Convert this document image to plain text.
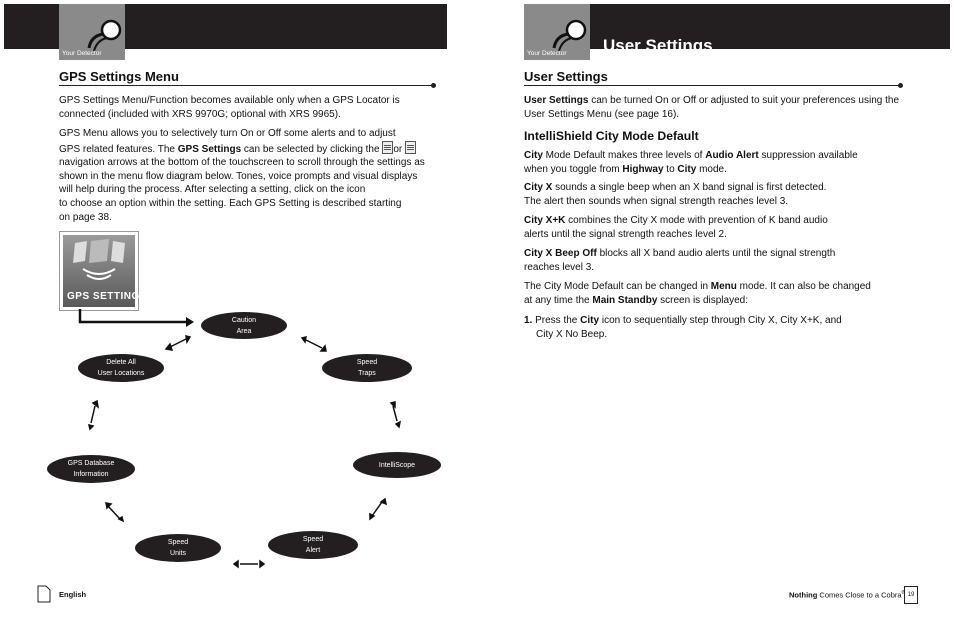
Your Detector
GPS Settings Menu

GPS Settings Menu/Function becomes available only when a GPS Locator is connected (included with XRS 9970G; optional with XRS 9965).

GPS Menu allows you to selectively turn On or Off some alerts and to adjust
GPS related features. The GPS Settings can be selected by clicking the or
navigation arrows at the bottom of the touchscreen to scroll through the settings as
shown in the menu flow diagram below. Tones, voice prompts and visual displays
will help during the process. After selecting a setting, click on the icon
to choose an option within the setting. Each GPS Setting is described starting
on page 38.

GPS SETTINGS
Caution
Area
Speed
Traps
IntelliScope
Speed
Alert
Speed
Units
GPS Database
Information
Delete All
User Locations
English
Your Detector User Settings
User Settings

User Settings can be turned On or Off or adjusted to suit your preferences using the
User Settings Menu (see page 16).

IntelliShield City Mode Default

City Mode Default makes three levels of Audio Alert suppression available
when you toggle from Highway to City mode.

City X sounds a single beep when an X band signal is first detected.
The alert then sounds when signal strength reaches level 3.

City X+K combines the City X mode with prevention of K band audio
alerts until the signal strength reaches level 2.

City X Beep Off blocks all X band audio alerts until the signal strength
reaches level 3.

The City Mode Default can be changed in Menu mode. It can also be changed
at any time the Main Standby screen is displayed:

1. Press the City icon to sequentially step through City X, City X+K, and
City X No Beep.

Nothing Comes Close to a Cobra® 19
